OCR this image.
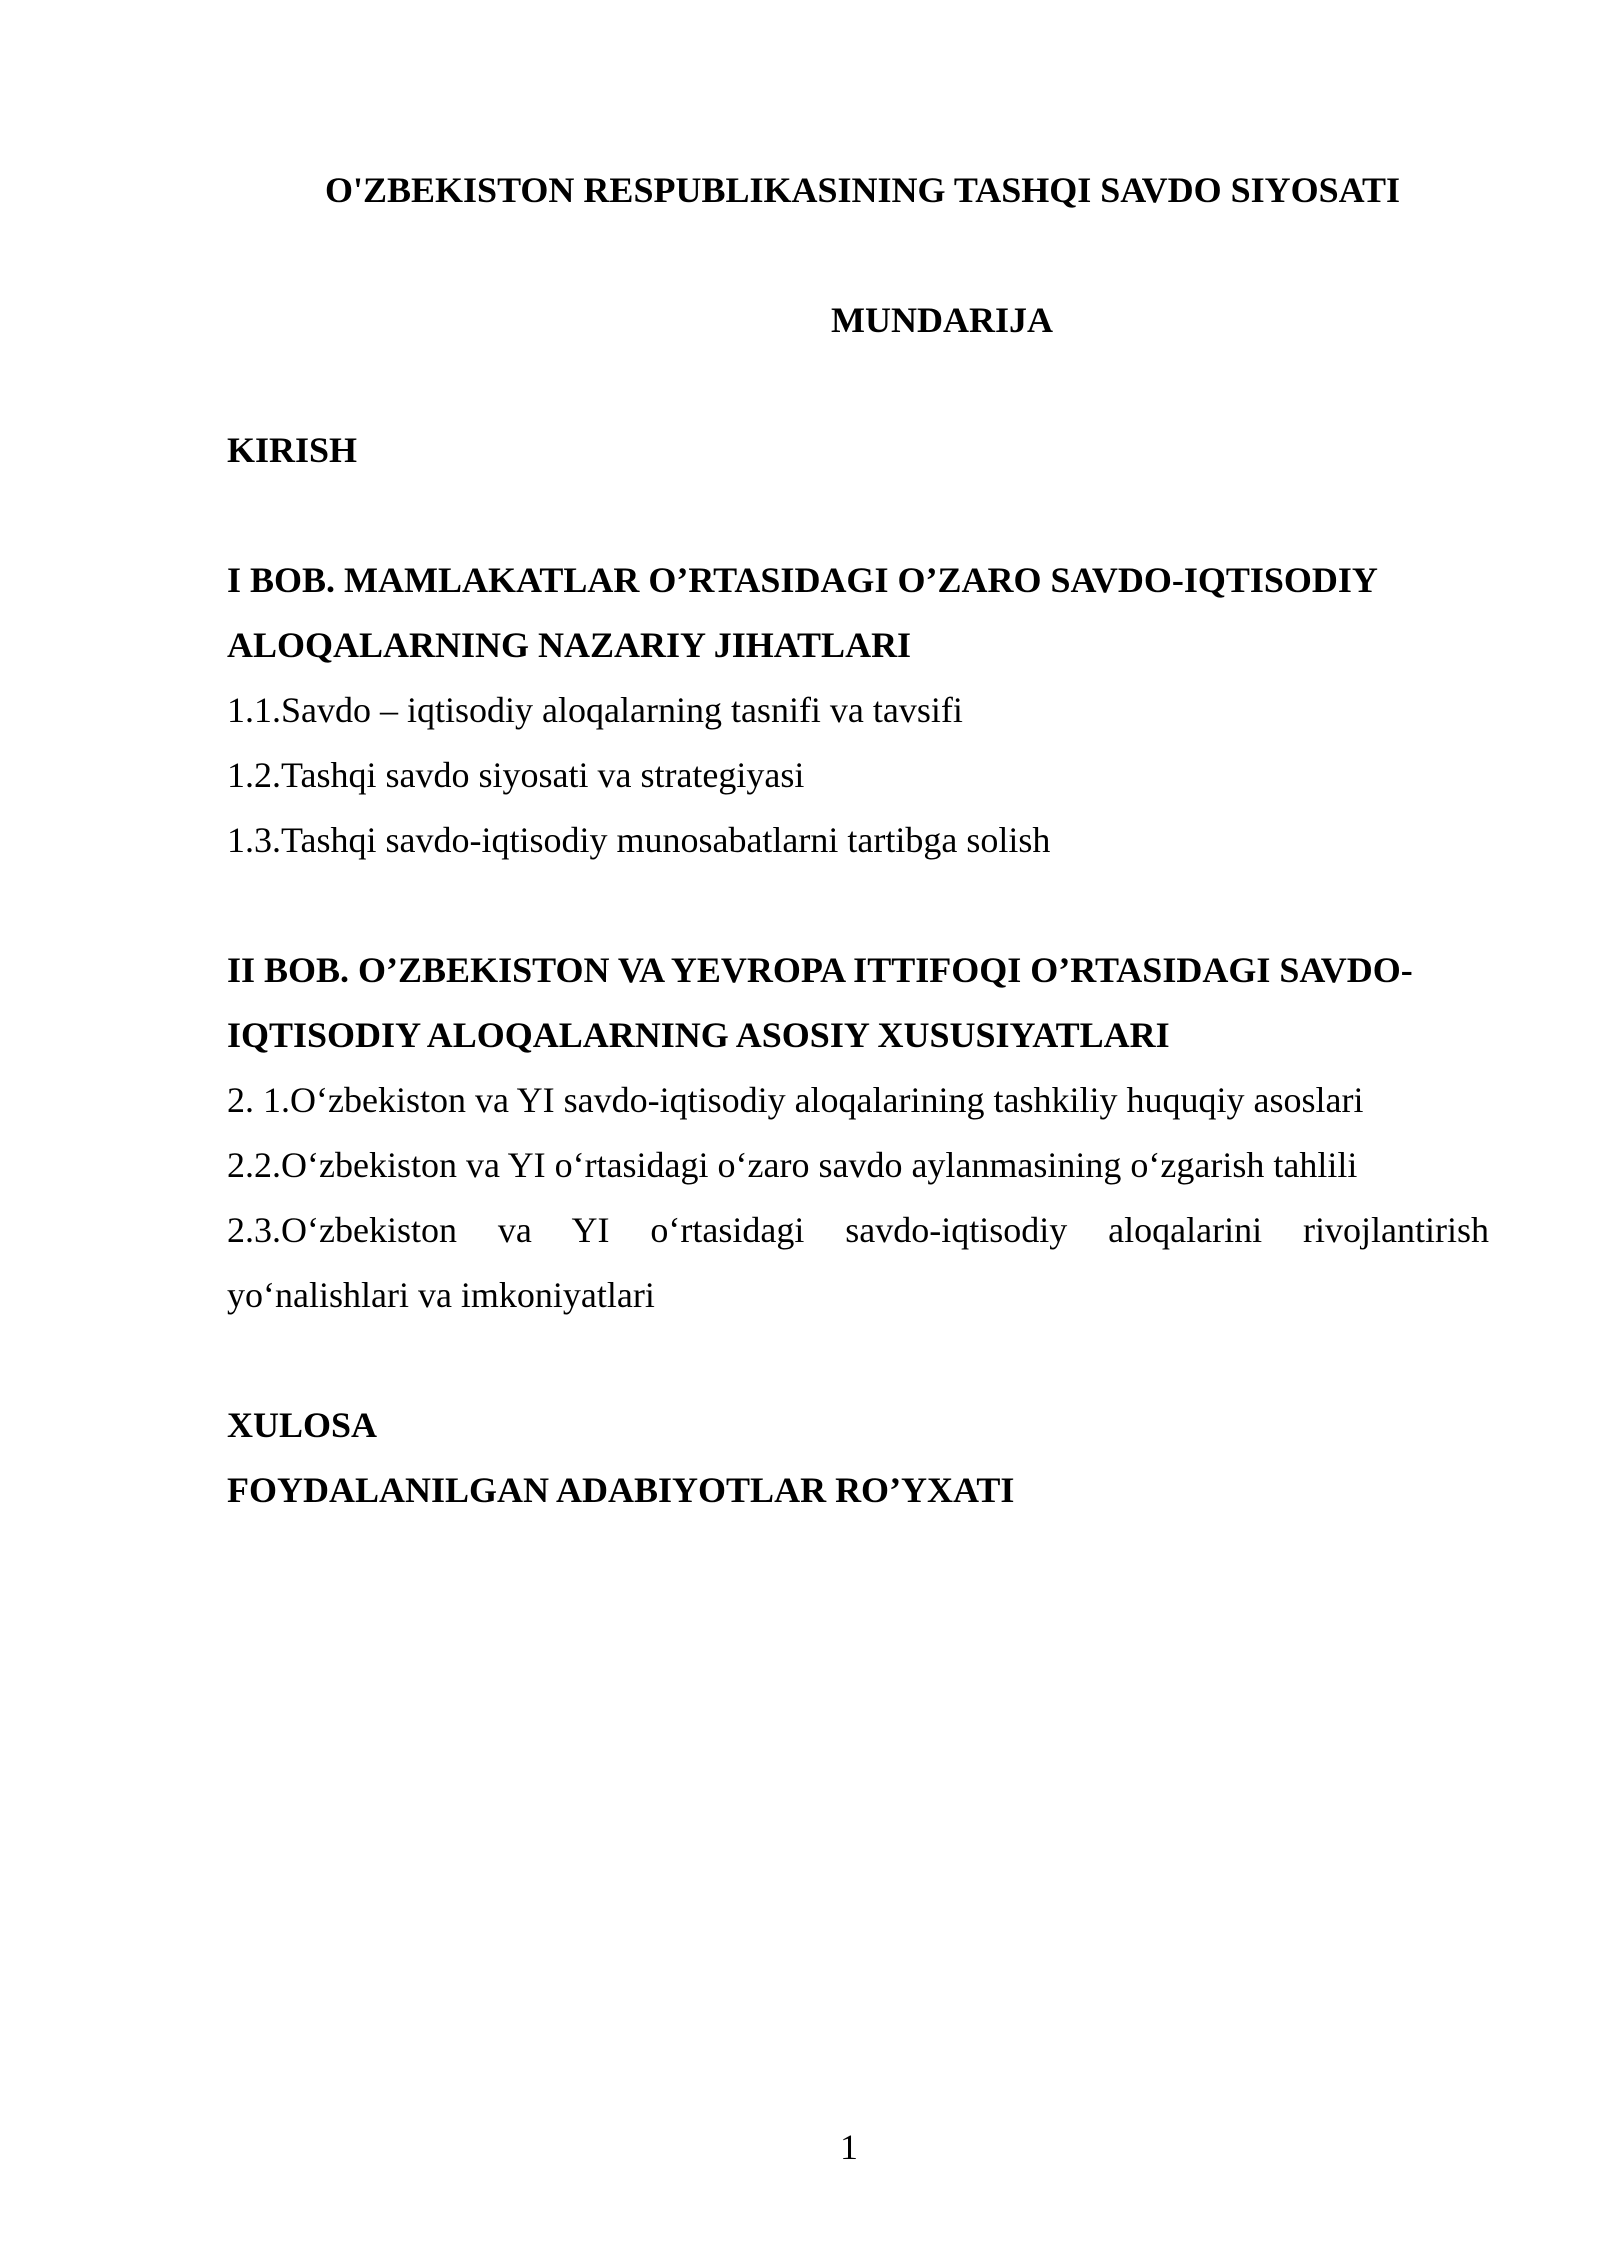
O'ZBEKISTON RESPUBLIKASINING TASHQI SAVDO SIYOSATI
MUNDARIJA
KIRISH
I BOB. MAMLAKATLAR O’RTASIDAGI O’ZARO SAVDO-IQTISODIY
ALOQALARNING NAZARIY JIHATLARI
1.1.Savdo – iqtisodiy aloqalarning tasnifi va tavsifi
1.2.Tashqi savdo siyosati va strategiyasi
1.3.Tashqi savdo-iqtisodiy munosabatlarni tartibga solish
II BOB. O’ZBEKISTON VA YEVROPA ITTIFOQI O’RTASIDAGI SAVDO-
IQTISODIY ALOQALARNING ASOSIY XUSUSIYATLARI
2. 1.O‘zbekiston va YI savdo-iqtisodiy aloqalarining tashkiliy huquqiy asoslari
2.2.O‘zbekiston va YI o‘rtasidagi o‘zaro savdo aylanmasining o‘zgarish tahlili
2.3.O‘zbekiston va YI o‘rtasidagi savdo-iqtisodiy aloqalarini rivojlantirish
yo‘nalishlari va imkoniyatlari
XULOSA
FOYDALANILGAN ADABIYOTLAR RO’YXATI
1
